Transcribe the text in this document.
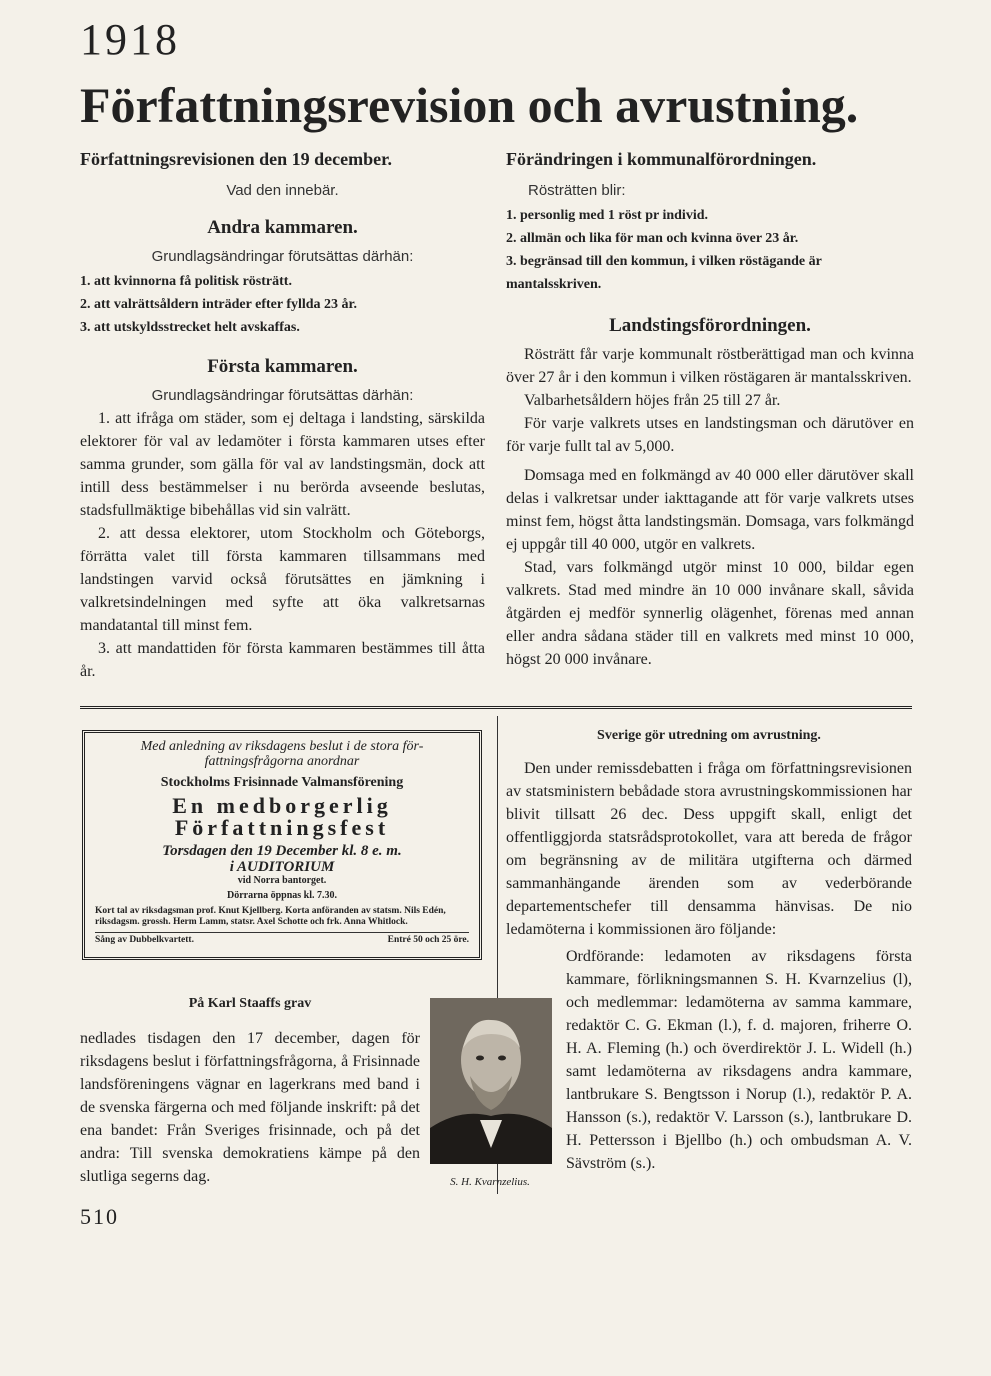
1918
Författningsrevision och avrustning.
Författningsrevisionen den 19 december.
Vad den innebär.
Andra kammaren.
Grundlagsändringar förutsättas därhän:
1. att kvinnorna få politisk rösträtt.
2. att valrättsåldern inträder efter fyllda 23 år.
3. att utskyldsstrecket helt avskaffas.
Första kammaren.
Grundlagsändringar förutsättas därhän:

1. att ifråga om städer, som ej deltaga i landsting, särskilda elektorer för val av ledamöter i första kammaren utses efter samma grunder, som gälla för val av landstingsmän, dock att intill dess bestämmelser i nu berörda avseende beslutas, stadsfullmäktige bibehållas vid sin valrätt.

2. att dessa elektorer, utom Stockholm och Göteborgs, förrätta valet till första kammaren tillsammans med landstingen varvid också förutsättes en jämkning i valkretsindelningen med syfte att öka valkretsarnas mandatantal till minst fem.

3. att mandattiden för första kammaren bestämmes till åtta år.

Förändringen i kommunalförordningen.
Rösträtten blir:
1. personlig med 1 röst pr individ.
2. allmän och lika för man och kvinna över 23 år.
3. begränsad till den kommun, i vilken röstägande är mantalsskriven.
Landstingsförordningen.

Rösträtt får varje kommunalt röstberättigad man och kvinna över 27 år i den kommun i vilken röstägaren är mantalsskriven.

Valbarhetsåldern höjes från 25 till 27 år.

För varje valkrets utses en landstingsman och därutöver en för varje fullt tal av 5,000.

Domsaga med en folkmängd av 40 000 eller därutöver skall delas i valkretsar under iakttagande att för varje valkrets utses minst fem, högst åtta landstingsmän. Domsaga, vars folkmängd ej uppgår till 40 000, utgör en valkrets.

Stad, vars folkmängd utgör minst 10 000, bildar egen valkrets. Stad med mindre än 10 000 invånare skall, såvida åtgärden ej medför synnerlig olägenhet, förenas med annan eller andra sådana städer till en valkrets med minst 10 000, högst 20 000 invånare.

Med anledning av riksdagens beslut i de stora för-
fattningsfrågorna anordnar
Stockholms Frisinnade Valmansförening
En medborgerlig
Författningsfest
Torsdagen den 19 December kl. 8 e. m.
i AUDITORIUM
vid Norra bantorget.
Dörrarna öppnas kl. 7.30.
Kort tal av riksdagsman prof. Knut Kjellberg. Korta anföranden av statsm. Nils Edén, riksdagsm. grossh. Herm Lamm, statsr. Axel Schotte och frk. Anna Whitlock.
Sång av Dubbelkvartett.	Entré 50 och 25 öre.
På Karl Staaffs grav

nedlades tisdagen den 17 december, dagen för riksdagens beslut i författningsfrågorna, å Frisinnade landsföreningens vägnar en lagerkrans med band i de svenska färgerna och med följande inskrift: på det ena bandet: Från Sveriges frisinnade, och på det andra: Till svenska demokratiens kämpe på den slutliga segerns dag.	S. H. Kvarnzelius.
Sverige gör utredning om avrustning.

Den under remissdebatten i fråga om författningsrevisionen av statsministern bebådade stora avrustningskommissionen har blivit tillsatt 26 dec. Dess uppgift skall, enligt det offentliggjorda statsrådsprotokollet, vara att bereda de frågor om begränsning av de militära utgifterna och därmed sammanhängande ärenden som av vederbörande departementschefer till densamma hänvisas. De nio ledamöterna i kommissionen äro följande:

Ordförande: ledamoten av riksdagens första kammare, förlikningsmannen S. H. Kvarnzelius (l), och medlemmar: ledamöterna av samma kammare, redaktör C. G. Ekman (l.), f. d. majoren, friherre O. H. A. Fleming (h.) och överdirektör J. L. Widell (h.) samt ledamöterna av riksdagens andra kammare, lantbrukare S. Bengtsson i Norup (l.), redaktör P. A. Hansson (s.), redaktör V. Larsson (s.), lantbrukare D. H. Pettersson i Bjellbo (h.) och ombudsman A. V. Sävström (s.).

510
